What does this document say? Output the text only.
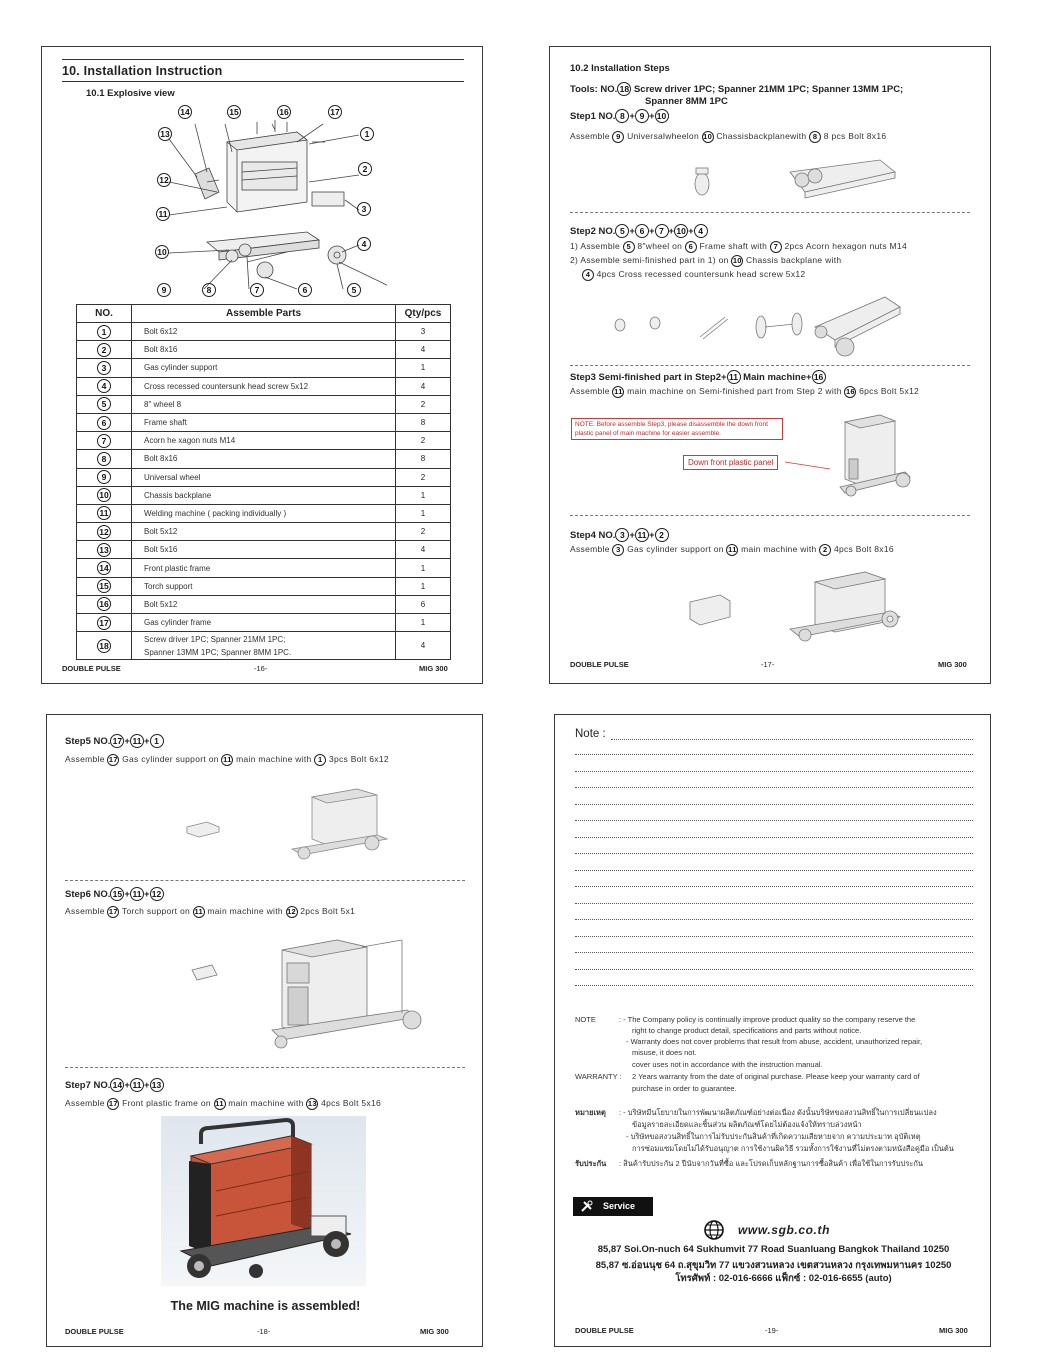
10. Installation Instruction
10.1 Explosive view
14	15	16	17
1
13
12
2
11	3
10
4
9	8	7	6	5
NO.	Assemble Parts	Qty/pcs
1	Bolt 6x12	3
2	Bolt 8x16	4
3	Gas cylinder support	1
4	Cross recessed countersunk head screw 5x12	4
5	8" wheel 8	2
6	Frame shaft	8
7	Acorn he xagon nuts M14	2
8	Bolt 8x16	8
9	Universal wheel	2
10	Chassis backplane	1
11	Welding machine ( packing individually )	1
12	Bolt 5x12	2
13	Bolt 5x16	4
14	Front plastic frame	1
15	Torch support	1
16	Bolt 5x12	6
17	Gas cylinder frame	1
18	Screw driver 1PC; Spanner 21MM 1PC;
Spanner 13MM 1PC; Spanner 8MM 1PC.	4
DOUBLE PULSE	-16-	MIG 300
10.2 Installation Steps
Tools: NO. 18 Screw driver 1PC; Spanner 21MM 1PC; Spanner 13MM 1PC;
Spanner 8MM 1PC
Step1 NO. 8 + 9 + 10
Assemble 9 Universalwheelon 10 Chassisbackplanewith 8 8 pcs Bolt 8x16
Step2 NO. 5 + 6 + 7 + 10 + 4
1) Assemble 5 8"wheel on 6 Frame shaft with 7 2pcs Acorn hexagon nuts M14
2) Assemble semi-finished part in 1) on 10 Chassis backplane with
4 4pcs Cross recessed countersunk head screw 5x12
Step3 Semi-finished part in Step2+ 11 Main machine+ 16
Assemble 11 main machine on Semi-finished part from Step 2 with 16 6pcs Bolt 5x12
NOTE. Before assemble Step3, please disassemble the down front plastic panel of main machine for easier assemble.
Down front plastic panel
Step4 NO. 3 + 11 + 2
Assemble 3 Gas cylinder support on 11 main machine with 2 4pcs Bolt 8x16
DOUBLE PULSE	-17-	MIG 300
Step5 NO. 17 + 11 + 1
Assemble 17 Gas cylinder support on 11 main machine with 1 3pcs Bolt 6x12
Step6 NO. 15 + 11 + 12
Assemble 17 Torch support on 11 main machine with 12 2pcs Bolt 5x1
Step7 NO. 14 + 11 + 13
Assemble 17 Front plastic frame on 11 main machine with 13 4pcs Bolt 5x16
The MIG machine is assembled!
DOUBLE PULSE	-18-	MIG 300
Note :
NOTE	: - The Company policy is continually improve product quality so the company reserve the
right to change product detail, specifications and parts without notice.
- Warranty does not cover problems that result from abuse, accident, unauthorized repair,
misuse, it does not.
cover uses not in accordance with the instruction manual.
WARRANTY : 2 Years warranty from the date of original purchase. Please keep your warranty card of
purchase in order to guarantee.
หมายเหตุ : - บริษัทมีนโยบายในการพัฒนาผลิตภัณฑ์อย่างต่อเนื่อง ดังนั้นบริษัทขอสงวนสิทธิ์ในการเปลี่ยนแปลง
ข้อมูลรายละเอียดและชิ้นส่วน ผลิตภัณฑ์โดยไม่ต้องแจ้งให้ทราบล่วงหน้า
- บริษัทขอสงวนสิทธิ์ในการไม่รับประกันสินค้าที่เกิดความเสียหายจาก ความประมาท อุบัติเหตุ
การซ่อมแซมโดยไม่ได้รับอนุญาต การใช้งานผิดวิธี รวมทั้งการใช้งานที่ไม่ตรงตามหนังสือคู่มือ เป็นต้น
รับประกัน : สินค้ารับประกัน 2 ปีนับจากวันที่ซื้อ และโปรดเก็บหลักฐานการซื้อสินค้า เพื่อใช้ในการรับประกัน
Service
www.sgb.co.th
85,87 Soi.On-nuch 64 Sukhumvit 77 Road Suanluang Bangkok Thailand 10250
85,87 ซ.อ่อนนุช 64 ถ.สุขุมวิท 77 แขวงสวนหลวง เขตสวนหลวง กรุงเทพมหานคร 10250
โทรศัพท์ : 02-016-6666 แฟ็กซ์ : 02-016-6655 (auto)
DOUBLE PULSE	-19-	MIG 300
